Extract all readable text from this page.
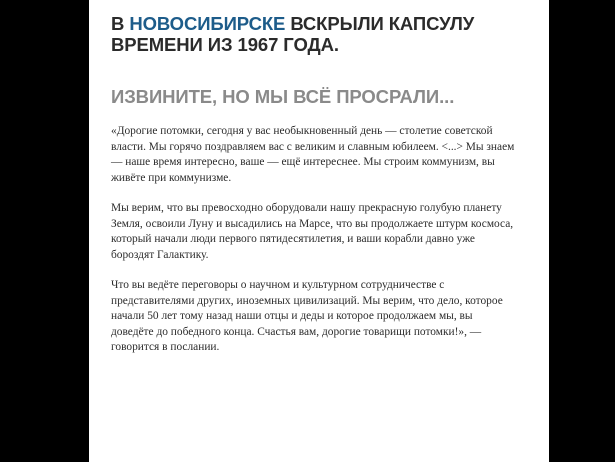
В НОВОСИБИРСКЕ ВСКРЫЛИ КАПСУЛУ
ВРЕМЕНИ ИЗ 1967 ГОДА.
ИЗВИНИТЕ, НО МЫ ВСЁ ПРОСРАЛИ...

«Дорогие потомки, сегодня у вас необыкновенный день — столетие советской
власти. Мы горячо поздравляем вас с великим и славным юбилеем. <...> Мы знаем
— наше время интересно, ваше — ещё интереснее. Мы строим коммунизм, вы
живёте при коммунизме.

Мы верим, что вы превосходно оборудовали нашу прекрасную голубую планету
Земля, освоили Луну и высадились на Марсе, что вы продолжаете штурм космоса,
который начали люди первого пятидесятилетия, и ваши корабли давно уже
бороздят Галактику.

Что вы ведёте переговоры о научном и культурном сотрудничестве с
представителями других, иноземных цивилизаций. Мы верим, что дело, которое
начали 50 лет тому назад наши отцы и деды и которое продолжаем мы, вы
доведёте до победного конца. Счастья вам, дорогие товарищи потомки!», —
говорится в послании.
